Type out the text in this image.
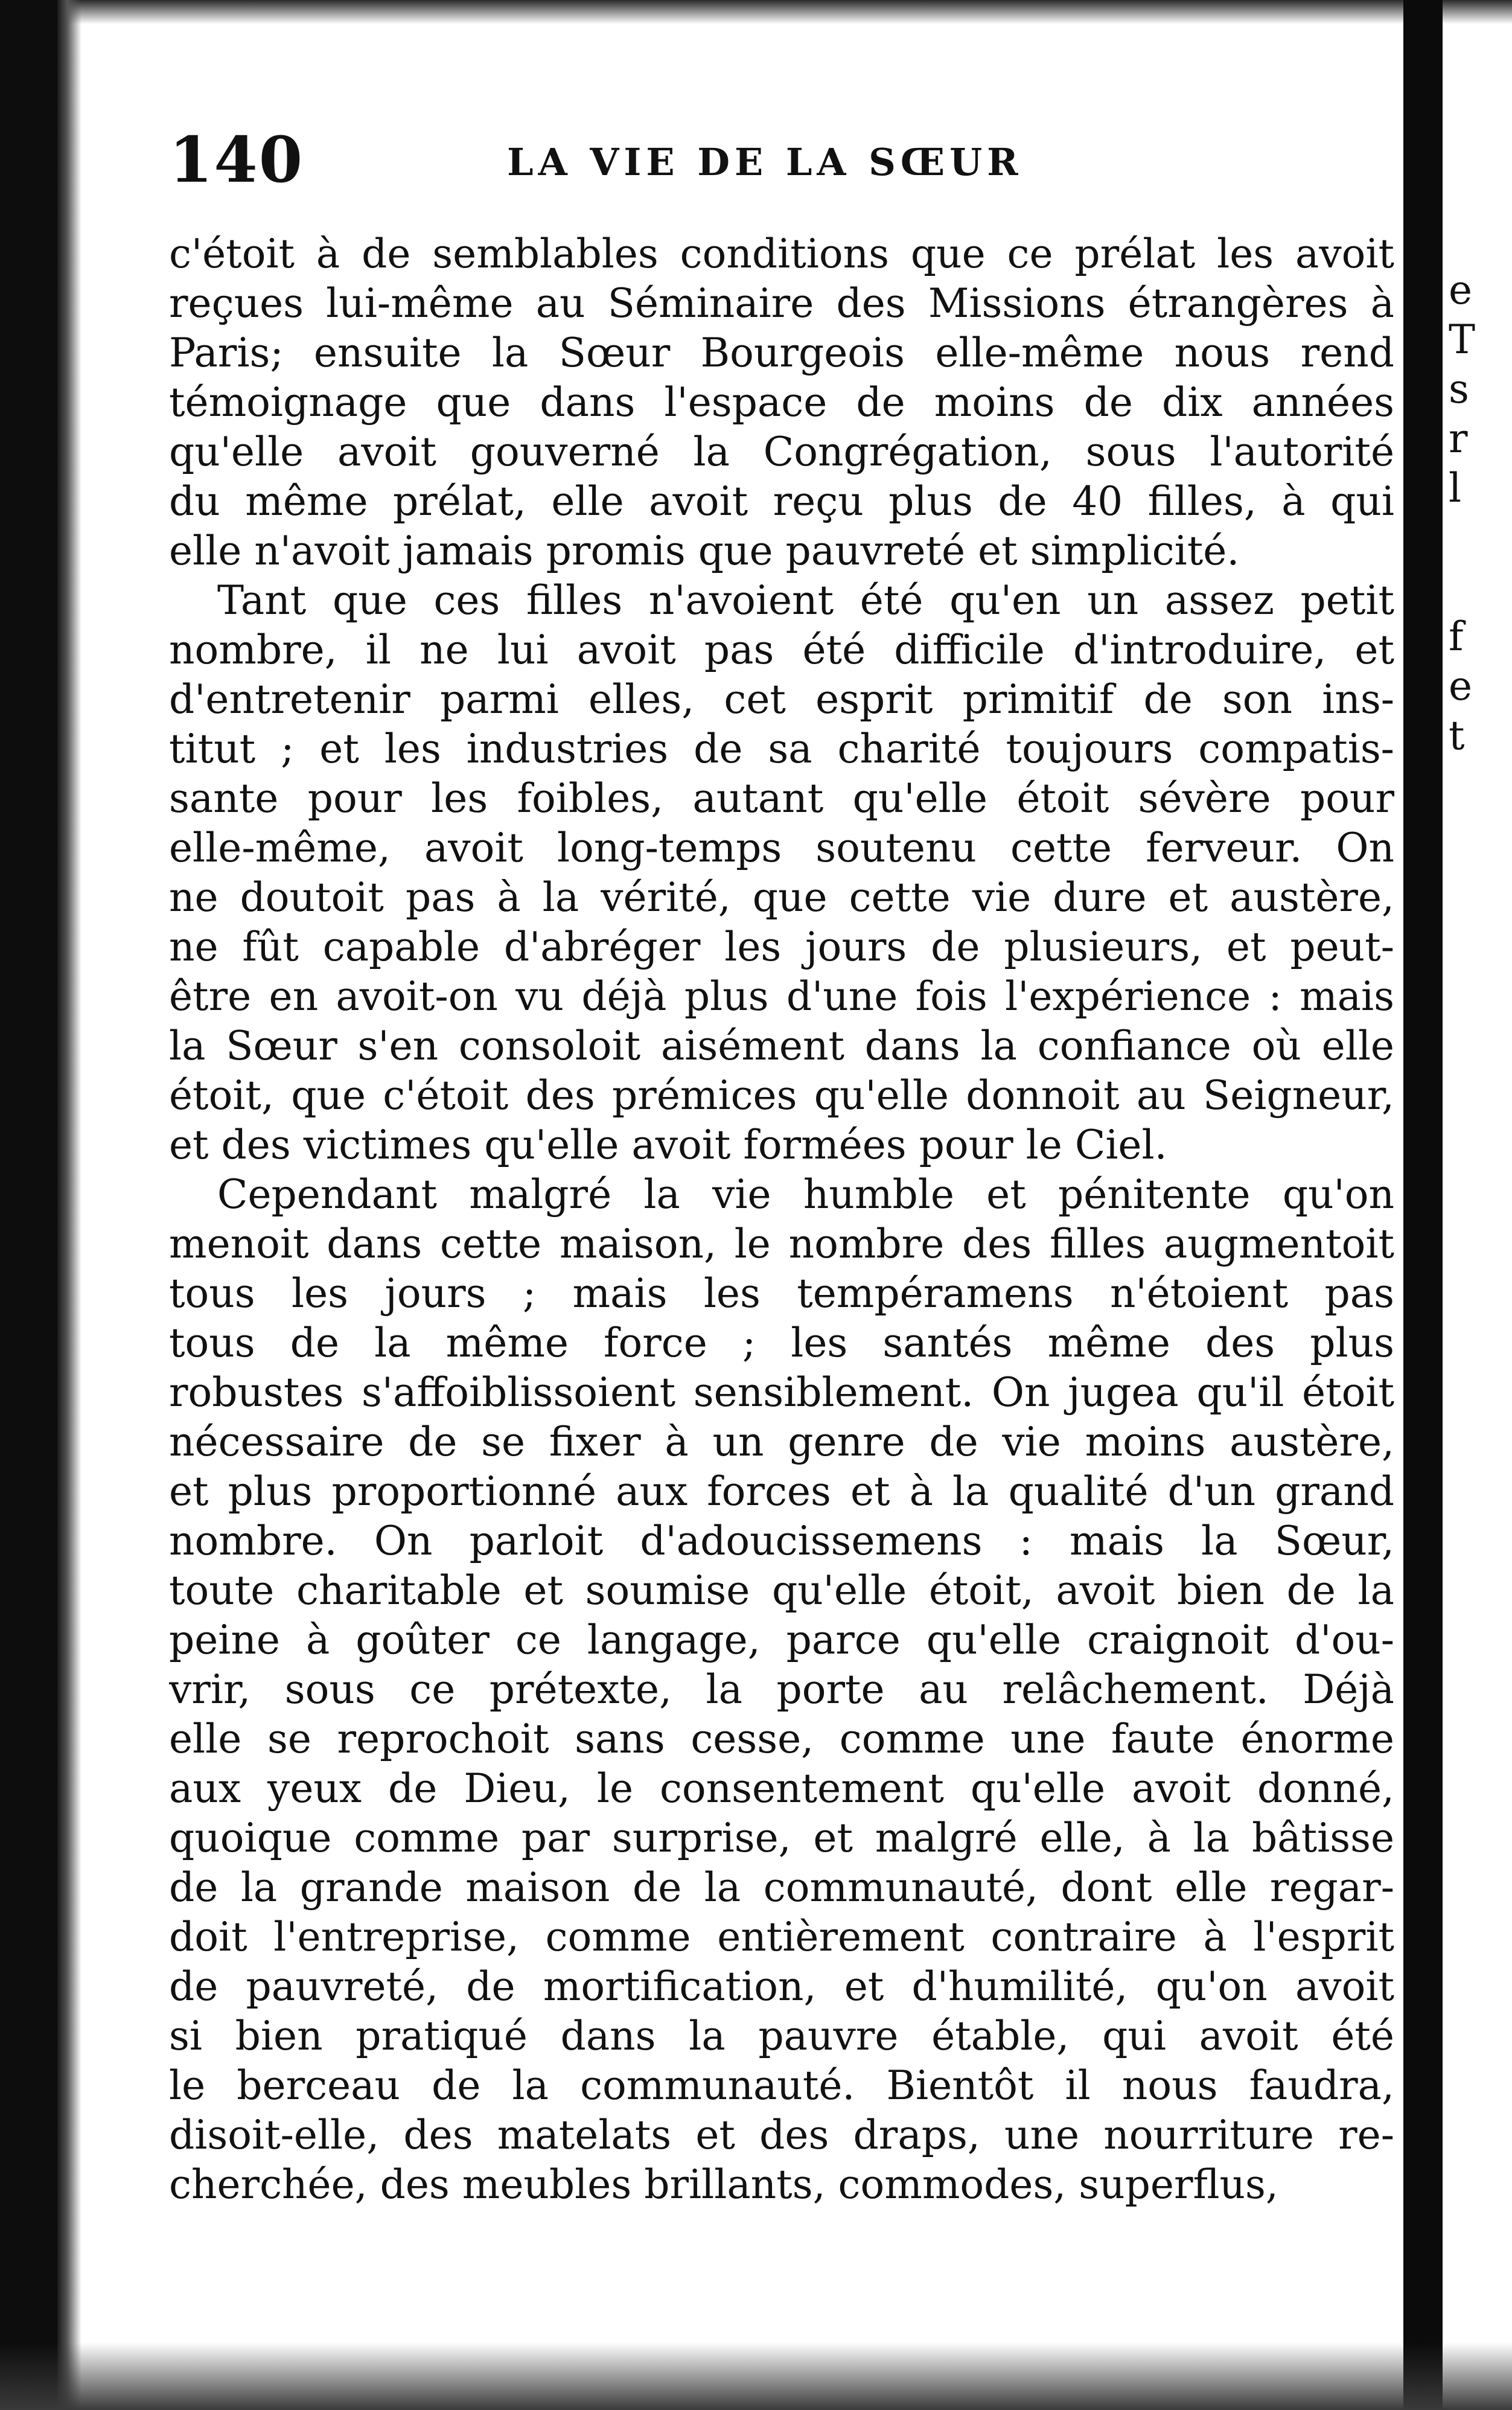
140	LA VIE DE LA SŒUR
c'étoit à de semblables conditions que ce prélat les avoit
reçues lui-même au Séminaire des Missions étrangères à
Paris; ensuite la Sœur Bourgeois elle-même nous rend
témoignage que dans l'espace de moins de dix années
qu'elle avoit gouverné la Congrégation, sous l'autorité
du même prélat, elle avoit reçu plus de 40 filles, à qui
elle n'avoit jamais promis que pauvreté et simplicité.
Tant que ces filles n'avoient été qu'en un assez petit
nombre, il ne lui avoit pas été difficile d'introduire, et
d'entretenir parmi elles, cet esprit primitif de son ins-
titut ; et les industries de sa charité toujours compatis-
sante pour les foibles, autant qu'elle étoit sévère pour
elle-même, avoit long-temps soutenu cette ferveur. On
ne doutoit pas à la vérité, que cette vie dure et austère,
ne fût capable d'abréger les jours de plusieurs, et peut-
être en avoit-on vu déjà plus d'une fois l'expérience : mais
la Sœur s'en consoloit aisément dans la confiance où elle
étoit, que c'étoit des prémices qu'elle donnoit au Seigneur,
et des victimes qu'elle avoit formées pour le Ciel.
Cependant malgré la vie humble et pénitente qu'on
menoit dans cette maison, le nombre des filles augmentoit
tous les jours ; mais les tempéramens n'étoient pas
tous de la même force ; les santés même des plus
robustes s'affoiblissoient sensiblement. On jugea qu'il étoit
nécessaire de se fixer à un genre de vie moins austère,
et plus proportionné aux forces et à la qualité d'un grand
nombre. On parloit d'adoucissemens : mais la Sœur,
toute charitable et soumise qu'elle étoit, avoit bien de la
peine à goûter ce langage, parce qu'elle craignoit d'ou-
vrir, sous ce prétexte, la porte au relâchement. Déjà
elle se reprochoit sans cesse, comme une faute énorme
aux yeux de Dieu, le consentement qu'elle avoit donné,
quoique comme par surprise, et malgré elle, à la bâtisse
de la grande maison de la communauté, dont elle regar-
doit l'entreprise, comme entièrement contraire à l'esprit
de pauvreté, de mortification, et d'humilité, qu'on avoit
si bien pratiqué dans la pauvre étable, qui avoit été
le berceau de la communauté. Bientôt il nous faudra,
disoit-elle, des matelats et des draps, une nourriture re-
cherchée, des meubles brillants, commodes, superflus,
e
T
s
r
l
f
e
t
